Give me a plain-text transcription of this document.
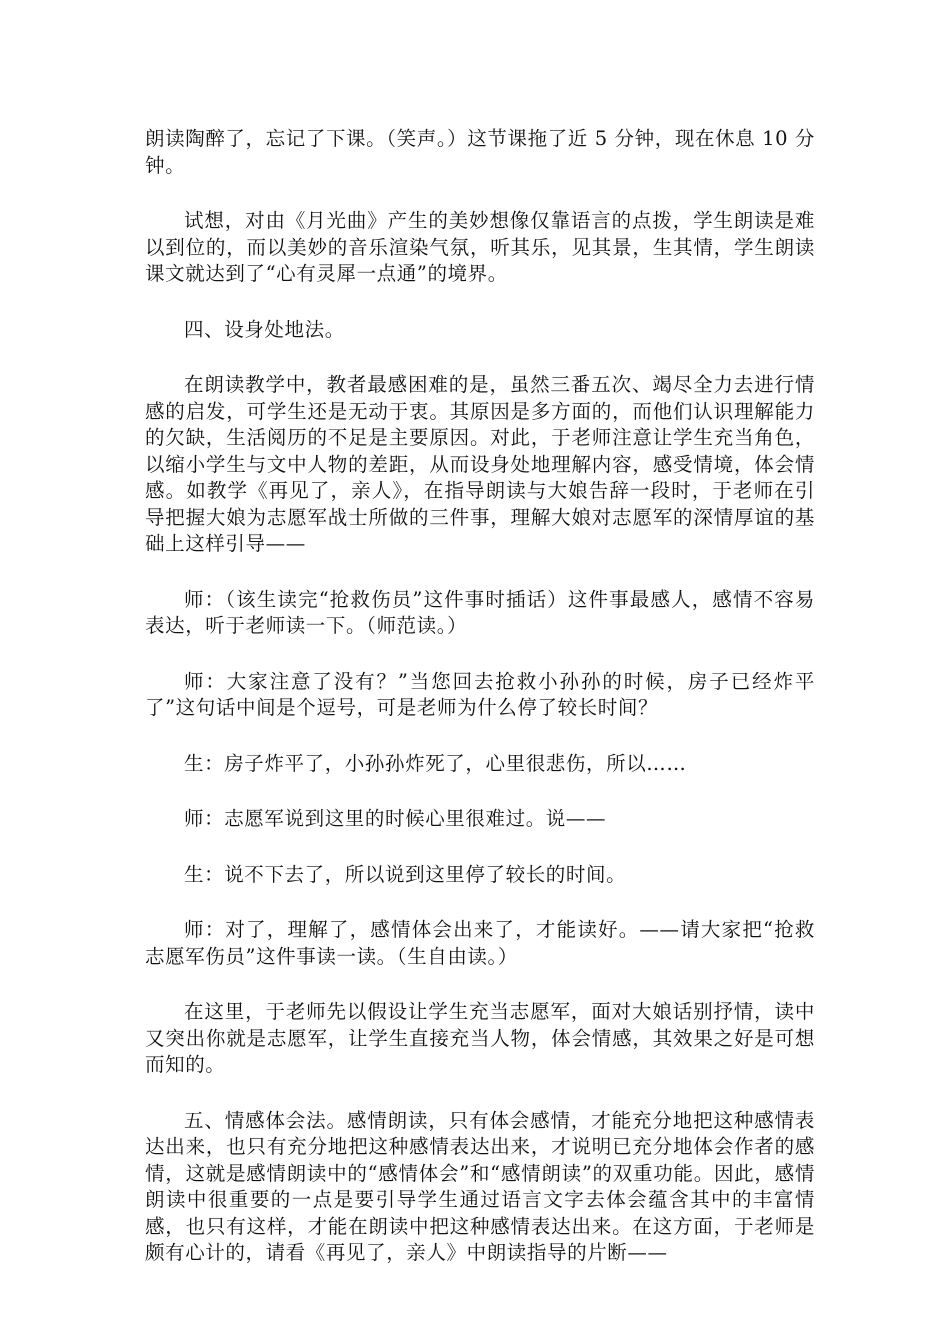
朗读陶醉了，忘记了下课。（笑声。）这节课拖了近 5 分钟，现在休息 10 分钟。

试想，对由《月光曲》产生的美妙想像仅靠语言的点拨，学生朗读是难以到位的，而以美妙的音乐渲染气氛，听其乐，见其景，生其情，学生朗读课文就达到了“心有灵犀一点通”的境界。

四、设身处地法。

在朗读教学中，教者最感困难的是，虽然三番五次、竭尽全力去进行情感的启发，可学生还是无动于衷。其原因是多方面的，而他们认识理解能力的欠缺，生活阅历的不足是主要原因。对此，于老师注意让学生充当角色，以缩小学生与文中人物的差距，从而设身处地理解内容，感受情境，体会情感。如教学《再见了，亲人》，在指导朗读与大娘告辞一段时，于老师在引导把握大娘为志愿军战士所做的三件事，理解大娘对志愿军的深情厚谊的基础上这样引导——

师：（该生读完“抢救伤员”这件事时插话）这件事最感人，感情不容易表达，听于老师读一下。（师范读。）

师：大家注意了没有？”当您回去抢救小孙孙的时候，房子已经炸平了”这句话中间是个逗号，可是老师为什么停了较长时间？

生：房子炸平了，小孙孙炸死了，心里很悲伤，所以……

师：志愿军说到这里的时候心里很难过。说——

生：说不下去了，所以说到这里停了较长的时间。

师：对了，理解了，感情体会出来了，才能读好。——请大家把“抢救志愿军伤员”这件事读一读。（生自由读。）

在这里，于老师先以假设让学生充当志愿军，面对大娘话别抒情，读中又突出你就是志愿军，让学生直接充当人物，体会情感，其效果之好是可想而知的。

五、情感体会法。感情朗读，只有体会感情，才能充分地把这种感情表达出来，也只有充分地把这种感情表达出来，才说明已充分地体会作者的感情，这就是感情朗读中的“感情体会”和“感情朗读”的双重功能。因此，感情朗读中很重要的一点是要引导学生通过语言文字去体会蕴含其中的丰富情感，也只有这样，才能在朗读中把这种感情表达出来。在这方面，于老师是颇有心计的，请看《再见了，亲人》中朗读指导的片断——
